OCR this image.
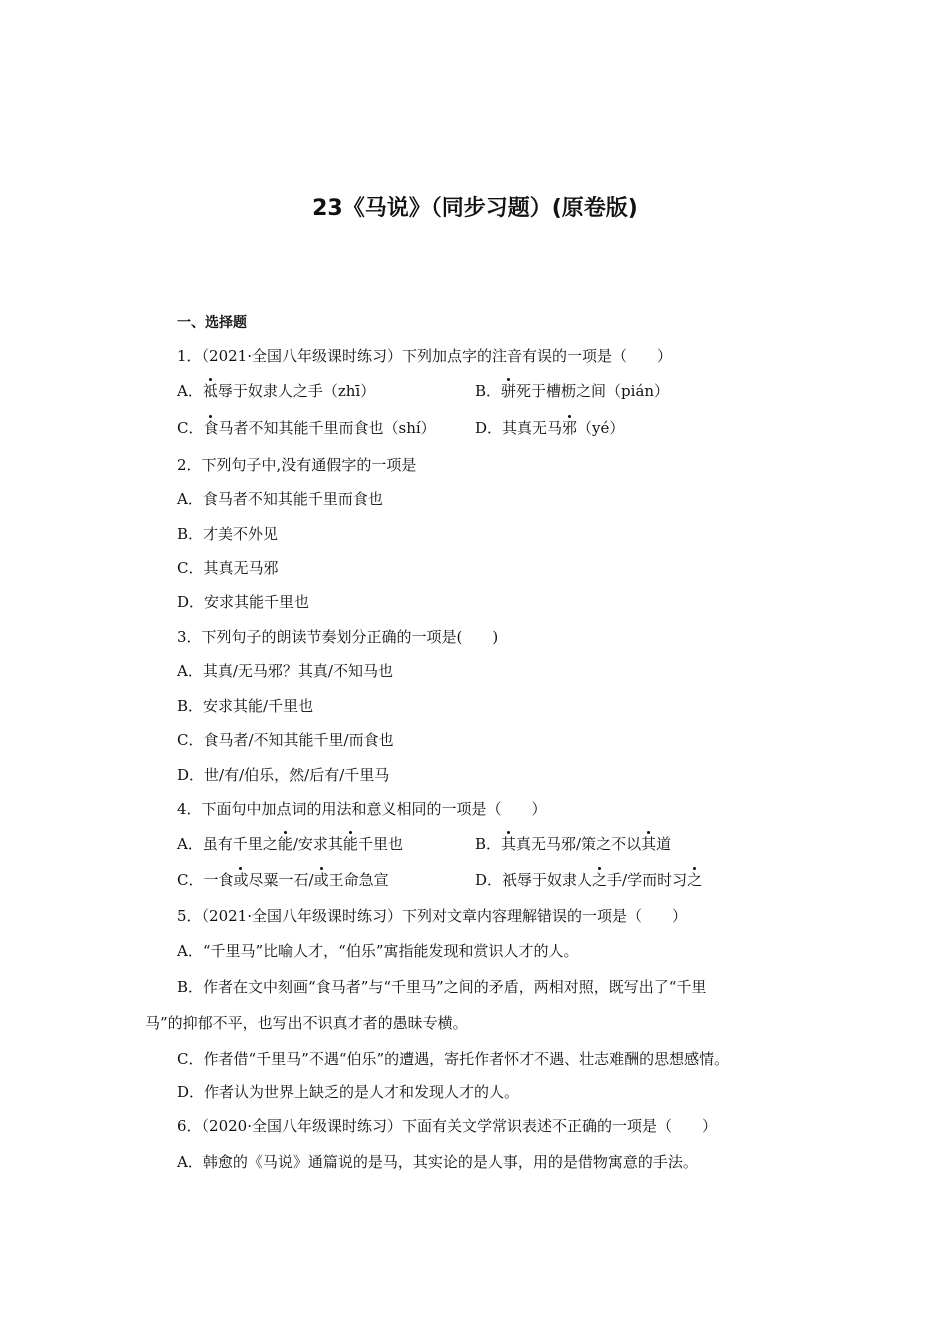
23《马说》（同步习题）(原卷版)
一、选择题
1．（2021·全国八年级课时练习）下列加点字的注音有误的一项是（　　）
A．祗辱于奴隶人之手（zhī）	B．骈死于槽枥之间（pián）
C．食马者不知其能千里而食也（shí）	D．其真无马邪（yé）
2．下列句子中,没有通假字的一项是
A．食马者不知其能千里而食也
B．才美不外见
C．其真无马邪
D．安求其能千里也
3．下列句子的朗读节奏划分正确的一项是(　　)
A．其真/无马邪？其真/不知马也
B．安求其能/千里也
C．食马者/不知其能千里/而食也
D．世/有/伯乐，然/后有/千里马
4．下面句中加点词的用法和意义相同的一项是（　　）
A．虽有千里之能/安求其能千里也	B．其真无马邪/策之不以其道
C．一食或尽粟一石/或王命急宣	D．祇辱于奴隶人之手/学而时习之
5．（2021·全国八年级课时练习）下列对文章内容理解错误的一项是（　　）
A．“千里马”比喻人才，“伯乐”寓指能发现和赏识人才的人。
B．作者在文中刻画“食马者”与“千里马”之间的矛盾，两相对照，既写出了“千里
马”的抑郁不平，也写出不识真才者的愚昧专横。
C．作者借“千里马”不遇“伯乐”的遭遇，寄托作者怀才不遇、壮志难酬的思想感情。
D．作者认为世界上缺乏的是人才和发现人才的人。
6．（2020·全国八年级课时练习）下面有关文学常识表述不正确的一项是（　　）
A．韩愈的《马说》通篇说的是马，其实论的是人事，用的是借物寓意的手法。
